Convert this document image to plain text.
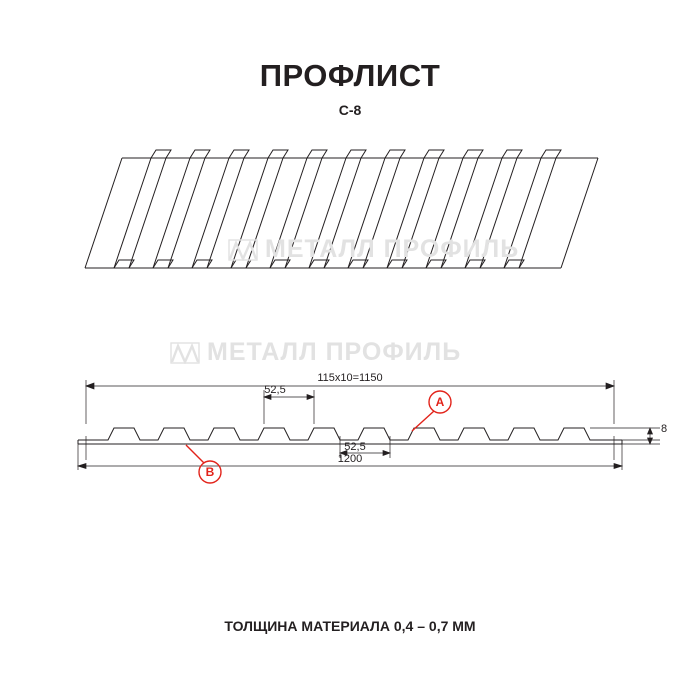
ПРОФЛИСТ
С-8
МЕТАЛЛ ПРОФИЛЬ
МЕТАЛЛ ПРОФИЛЬ
115х10=1150
52,5
52,5
8
1200
A
B
ТОЛЩИНА МАТЕРИАЛА 0,4 – 0,7 ММ
